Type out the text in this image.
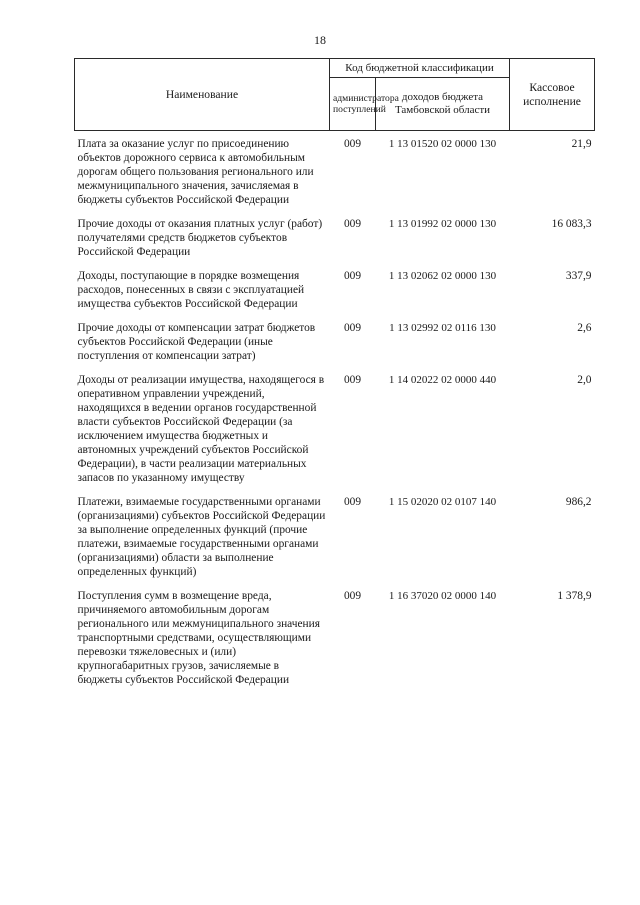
18
Наименование	Код бюджетной классификации		Кассовое исполнение
	администратора поступлений	доходов бюджета Тамбовской области	
Плата за оказание услуг по присоединению объектов дорожного сервиса к автомобильным дорогам общего пользования регионального или межмуниципального значения, зачисляемая в бюджеты субъектов Российской Федерации	009	1 13 01520 02 0000 130	21,9
Прочие доходы от оказания платных услуг (работ) получателями средств бюджетов субъектов Российской Федерации	009	1 13 01992 02 0000 130	16 083,3
Доходы, поступающие в порядке возмещения расходов, понесенных в связи с эксплуатацией имущества субъектов Российской Федерации	009	1 13 02062 02 0000 130	337,9
Прочие доходы от компенсации затрат бюджетов субъектов Российской Федерации (иные поступления от компенсации затрат)	009	1 13 02992 02 0116 130	2,6
Доходы от реализации имущества, находящегося в оперативном управлении учреждений, находящихся в ведении органов государственной власти субъектов Российской Федерации (за исключением имущества бюджетных и автономных учреждений субъектов Российской Федерации), в части реализации материальных запасов по указанному имуществу	009	1 14 02022 02 0000 440	2,0
Платежи, взимаемые государственными органами (организациями) субъектов Российской Федерации за выполнение определенных функций (прочие платежи, взимаемые государственными органами (организациями) области за выполнение определенных функций)	009	1 15 02020 02 0107 140	986,2
Поступления сумм в возмещение вреда, причиняемого автомобильным дорогам регионального или межмуниципального значения транспортными средствами, осуществляющими перевозки тяжеловесных и (или) крупногабаритных грузов, зачисляемые в бюджеты субъектов Российской Федерации	009	1 16 37020 02 0000 140	1 378,9
